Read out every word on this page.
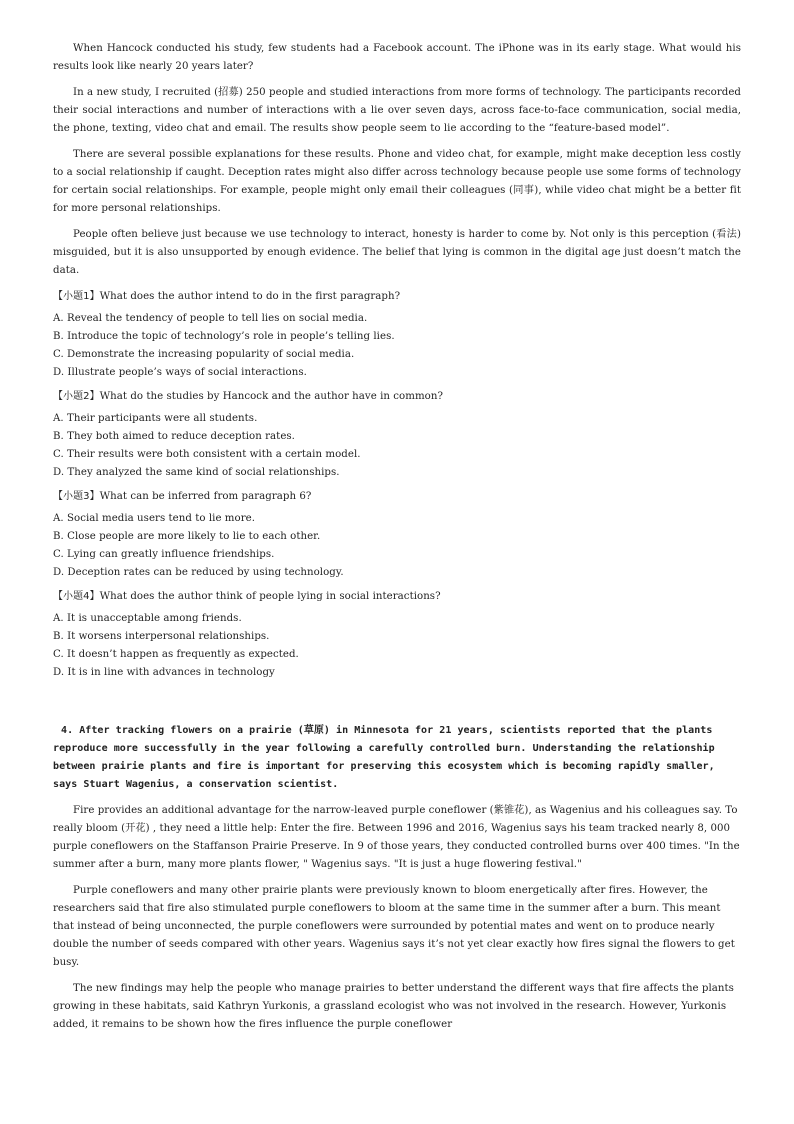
When Hancock conducted his study, few students had a Facebook account. The iPhone was in its early stage. What would his results look like nearly 20 years later?

In a new study, I recruited (招募) 250 people and studied interactions from more forms of technology. The participants recorded their social interactions and number of interactions with a lie over seven days, across face-to-face communication, social media, the phone, texting, video chat and email. The results show people seem to lie according to the “feature-based model”.

There are several possible explanations for these results. Phone and video chat, for example, might make deception less costly to a social relationship if caught. Deception rates might also differ across technology because people use some forms of technology for certain social relationships. For example, people might only email their colleagues (同事), while video chat might be a better fit for more personal relationships.

People often believe just because we use technology to interact, honesty is harder to come by. Not only is this perception (看法) misguided, but it is also unsupported by enough evidence. The belief that lying is common in the digital age just doesn’t match the data.

【小题1】What does the author intend to do in the first paragraph?

A. Reveal the tendency of people to tell lies on social media.

B. Introduce the topic of technology’s role in people’s telling lies.

C. Demonstrate the increasing popularity of social media.

D. Illustrate people’s ways of social interactions.

【小题2】What do the studies by Hancock and the author have in common?

A. Their participants were all students.

B. They both aimed to reduce deception rates.

C. Their results were both consistent with a certain model.

D. They analyzed the same kind of social relationships.

【小题3】What can be inferred from paragraph 6?

A. Social media users tend to lie more.

B. Close people are more likely to lie to each other.

C. Lying can greatly influence friendships.

D. Deception rates can be reduced by using technology.

【小题4】What does the author think of people lying in social interactions?

A. It is unacceptable among friends.

B. It worsens interpersonal relationships.

C. It doesn’t happen as frequently as expected.

D. It is in line with advances in technology

4. After tracking flowers on a prairie (草原) in Minnesota for 21 years, scientists reported that the plants reproduce more successfully in the year following a carefully controlled burn. Understanding the relationship between prairie plants and fire is important for preserving this ecosystem which is becoming rapidly smaller, says Stuart Wagenius, a conservation scientist.

Fire provides an additional advantage for the narrow-leaved purple coneflower (紫锥花), as Wagenius and his colleagues say. To really bloom (开花) , they need a little help: Enter the fire. Between 1996 and 2016, Wagenius says his team tracked nearly 8, 000 purple coneflowers on the Staffanson Prairie Preserve. In 9 of those years, they conducted controlled burns over 400 times. "In the summer after a burn, many more plants flower, " Wagenius says. "It is just a huge flowering festival."

Purple coneflowers and many other prairie plants were previously known to bloom energetically after fires. However, the researchers said that fire also stimulated purple coneflowers to bloom at the same time in the summer after a burn. This meant that instead of being unconnected, the purple coneflowers were surrounded by potential mates and went on to produce nearly double the number of seeds compared with other years. Wagenius says it’s not yet clear exactly how fires signal the flowers to get busy.

The new findings may help the people who manage prairies to better understand the different ways that fire affects the plants growing in these habitats, said Kathryn Yurkonis, a grassland ecologist who was not involved in the research. However, Yurkonis added, it remains to be shown how the fires influence the purple coneflower
